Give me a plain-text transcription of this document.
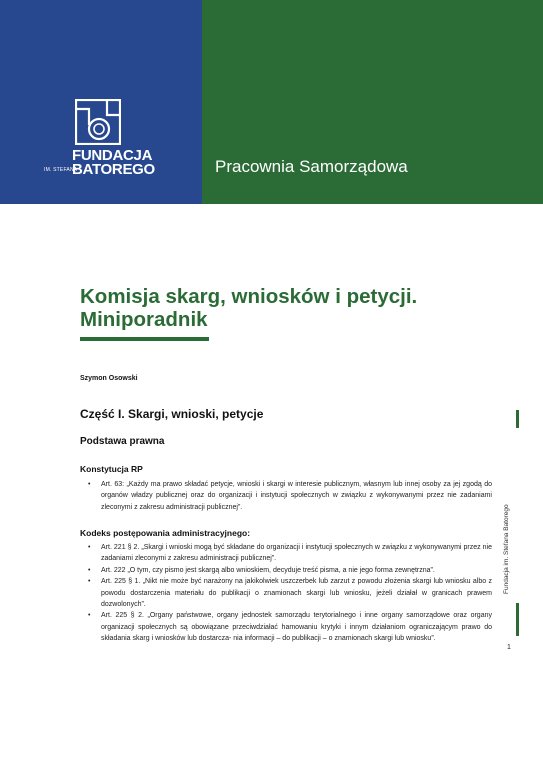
FUNDACJA
IM. STEFANA
BATOREGO	Pracownia Samorządowa
Komisja skarg, wniosków i petycji. Miniporadnik
Szymon Osowski
Część I. Skargi, wnioski, petycje
Podstawa prawna
Konstytucja RP
• Art. 63: „Każdy ma prawo składać petycje, wnioski i skargi w interesie publicznym, własnym lub innej osoby za jej zgodą do organów władzy publicznej oraz do organizacji i instytucji społecznych w związku z wykonywanymi przez nie zadaniami zleconymi z zakresu administracji publicznej”.
Kodeks postępowania administracyjnego:
• Art. 221 § 2. „Skargi i wnioski mogą być składane do organizacji i instytucji społecznych w związku z wykonywanymi przez nie zadaniami zleconymi z zakresu administracji publicznej”.
• Art. 222 „O tym, czy pismo jest skargą albo wnioskiem, decyduje treść pisma, a nie jego forma zewnętrzna”.
• Art. 225 § 1. „Nikt nie może być narażony na jakikolwiek uszczerbek lub zarzut z powodu złożenia skargi lub wniosku albo z powodu dostarczenia materiału do publikacji o znamionach skargi lub wniosku, jeżeli działał w granicach prawem dozwolonych”.
• Art. 225 § 2. „Organy państwowe, organy jednostek samorządu terytorialnego i inne organy samorządowe oraz organy organizacji społecznych są obowiązane przeciwdziałać hamowaniu krytyki i innym działaniom ograniczającym prawo do składania skarg i wniosków lub dostarcza- nia informacji – do publikacji – o znamionach skargi lub wniosku”.
Fundacja im. Stefana Batorego
1
